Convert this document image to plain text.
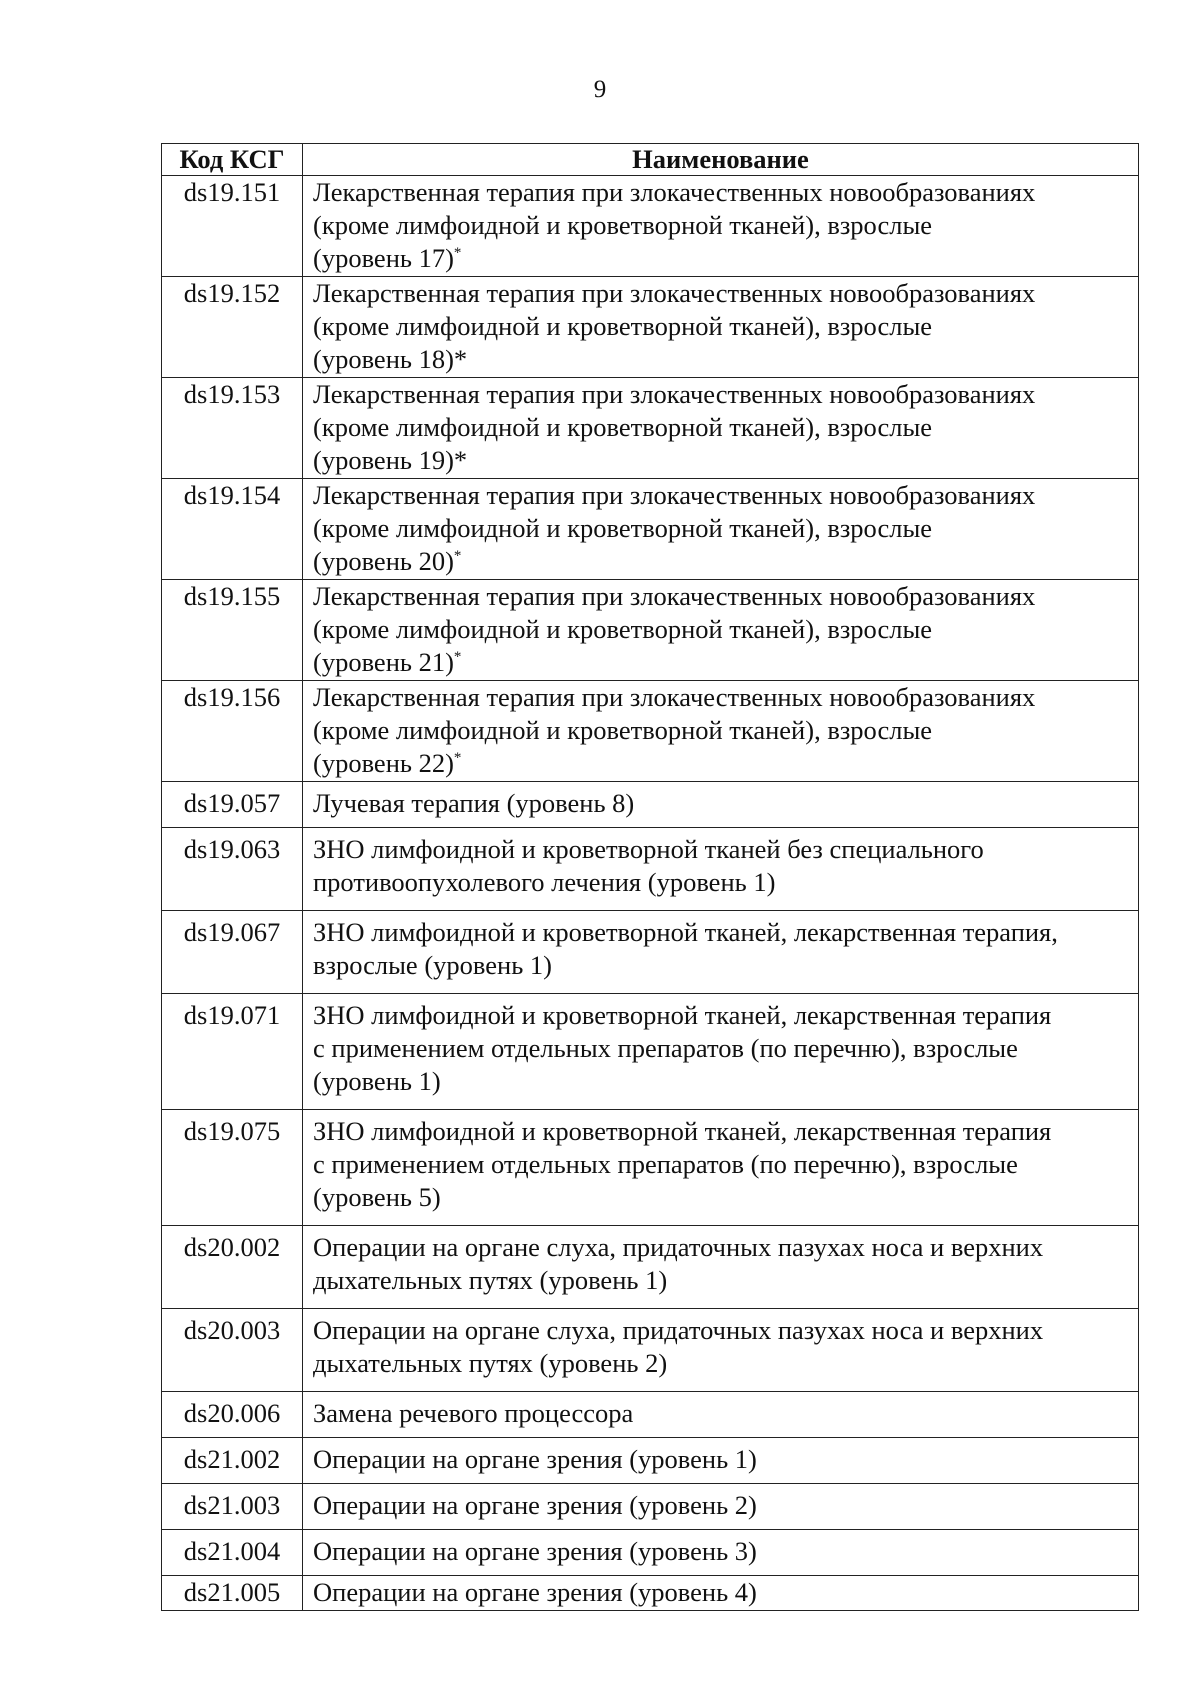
9
Код КСГ	Наименование
ds19.151	Лекарственная терапия при злокачественных новообразованиях
(кроме лимфоидной и кроветворной тканей), взрослые
(уровень 17)*

ds19.152	Лекарственная терапия при злокачественных новообразованиях
(кроме лимфоидной и кроветворной тканей), взрослые
(уровень 18)*

ds19.153	Лекарственная терапия при злокачественных новообразованиях
(кроме лимфоидной и кроветворной тканей), взрослые
(уровень 19)*

ds19.154	Лекарственная терапия при злокачественных новообразованиях
(кроме лимфоидной и кроветворной тканей), взрослые
(уровень 20)*

ds19.155	Лекарственная терапия при злокачественных новообразованиях
(кроме лимфоидной и кроветворной тканей), взрослые
(уровень 21)*

ds19.156	Лекарственная терапия при злокачественных новообразованиях
(кроме лимфоидной и кроветворной тканей), взрослые
(уровень 22)*

ds19.057	Лучевая терапия (уровень 8)

ds19.063	ЗНО лимфоидной и кроветворной тканей без специального
противоопухолевого лечения (уровень 1)

ds19.067	ЗНО лимфоидной и кроветворной тканей, лекарственная терапия,
взрослые (уровень 1)

ds19.071	ЗНО лимфоидной и кроветворной тканей, лекарственная терапия
с применением отдельных препаратов (по перечню), взрослые
(уровень 1)

ds19.075	ЗНО лимфоидной и кроветворной тканей, лекарственная терапия
с применением отдельных препаратов (по перечню), взрослые
(уровень 5)

ds20.002	Операции на органе слуха, придаточных пазухах носа и верхних
дыхательных путях (уровень 1)

ds20.003	Операции на органе слуха, придаточных пазухах носа и верхних
дыхательных путях (уровень 2)

ds20.006	Замена речевого процессора

ds21.002	Операции на органе зрения (уровень 1)

ds21.003	Операции на органе зрения (уровень 2)

ds21.004	Операции на органе зрения (уровень 3)

ds21.005	Операции на органе зрения (уровень 4)
